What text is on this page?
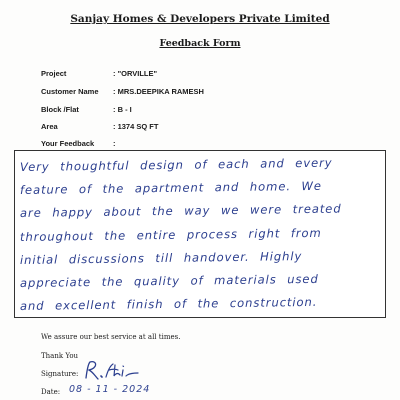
Sanjay Homes & Developers Private Limited
Feedback Form
Project	: "ORVILLE"
Customer Name : MRS.DEEPIKA RAMESH
Block /Flat	: B - I
Area	: 1374 SQ FT
Your Feedback	:
Very thoughtful design of each and every
feature of the apartment and home. We
are happy about the way we were treated
throughout the entire process right from
initial discussions till handover. Highly
appreciate the quality of materials used
and excellent finish of the construction.
We assure our best service at all times.
Thank You
Signature:
Date: 08 - 11 - 2024
